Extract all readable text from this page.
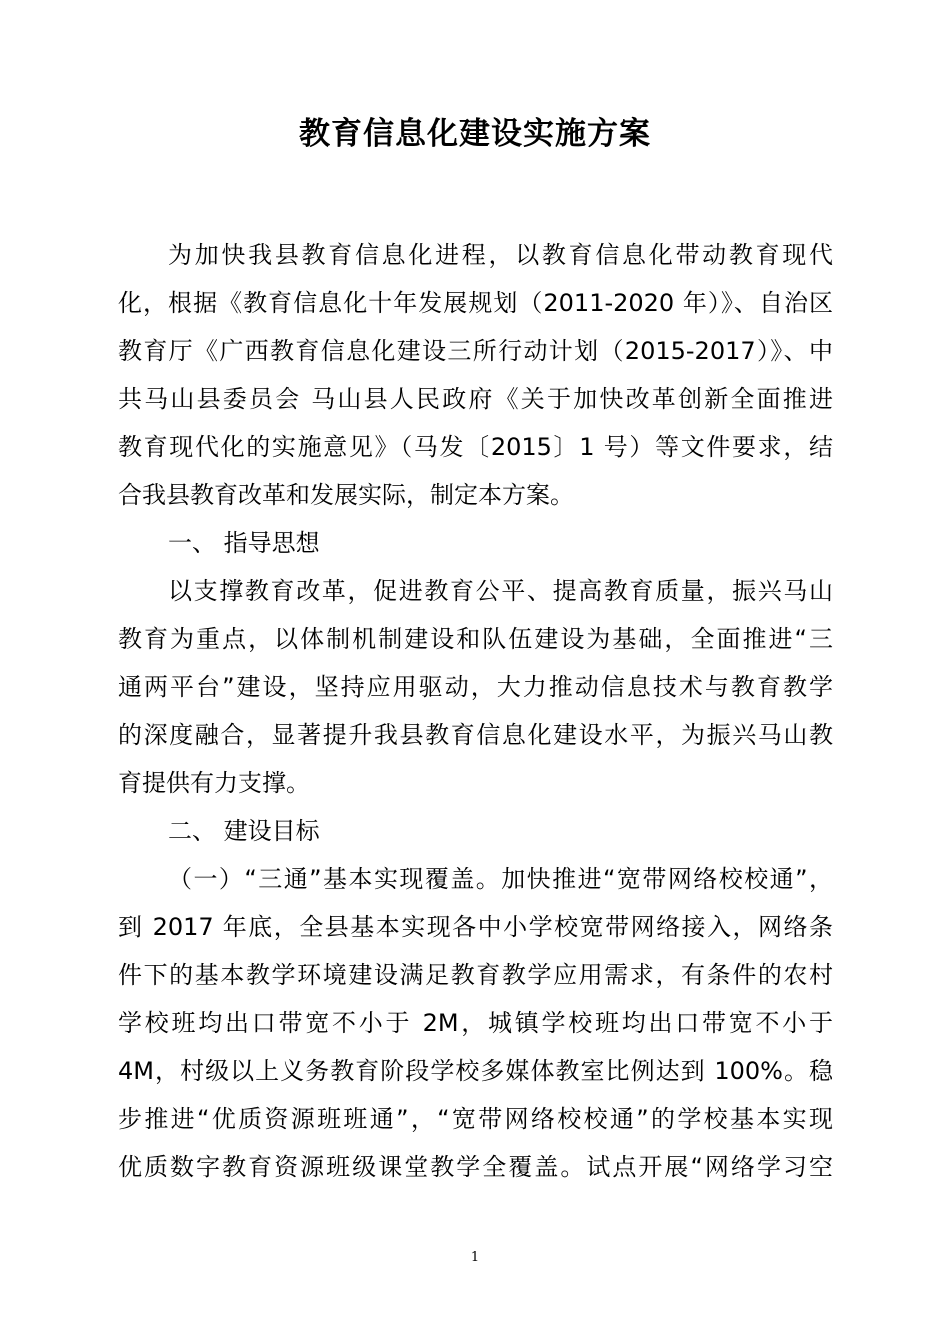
教育信息化建设实施方案
为加快我县教育信息化进程，以教育信息化带动教育现代
化，根据《教育信息化十年发展规划（2011-2020 年）》、自治区
教育厅《广西教育信息化建设三所行动计划（2015-2017）》、中
共马山县委员会 马山县人民政府《关于加快改革创新全面推进
教育现代化的实施意见》（马发〔2015〕1 号）等文件要求，结
合我县教育改革和发展实际，制定本方案。
一、 指导思想
以支撑教育改革，促进教育公平、提高教育质量，振兴马山
教育为重点，以体制机制建设和队伍建设为基础，全面推进“三
通两平台”建设，坚持应用驱动，大力推动信息技术与教育教学
的深度融合，显著提升我县教育信息化建设水平，为振兴马山教
育提供有力支撑。
二、 建设目标
（一）“三通”基本实现覆盖。加快推进“宽带网络校校通”，
到 2017 年底，全县基本实现各中小学校宽带网络接入，网络条
件下的基本教学环境建设满足教育教学应用需求，有条件的农村
学校班均出口带宽不小于 2M，城镇学校班均出口带宽不小于
4M，村级以上义务教育阶段学校多媒体教室比例达到 100%。稳
步推进“优质资源班班通”，“宽带网络校校通”的学校基本实现
优质数字教育资源班级课堂教学全覆盖。试点开展“网络学习空
1
